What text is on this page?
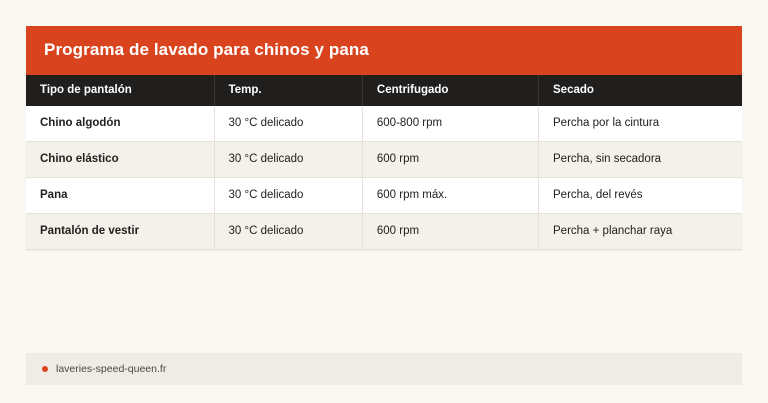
Programa de lavado para chinos y pana
Tipo de pantalón	Temp.	Centrifugado	Secado
Chino algodón	30 °C delicado	600-800 rpm	Percha por la cintura
Chino elástico	30 °C delicado	600 rpm	Percha, sin secadora
Pana	30 °C delicado	600 rpm máx.	Percha, del revés
Pantalón de vestir	30 °C delicado	600 rpm	Percha + planchar raya
laveries-speed-queen.fr
